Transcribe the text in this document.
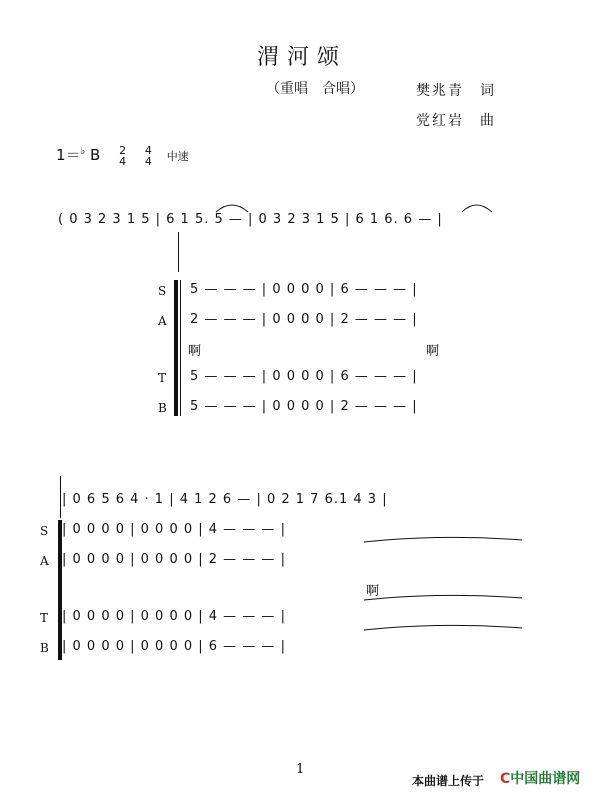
渭河颂
（重唱　合唱）	樊兆青　词
党红岩　曲
1＝♭ B 2
4

4
4 中速
( 0 3 2 3 1 5 | 6 1 5. 5 — | 0 3 2 3 1 5 | 6 1 6. 6 — |
S 5 — — — | 0 0 0 0 | 6 — — — |
A 2 — — — | 0 0 0 0 | 2 — — — |
啊	啊
T 5 — — — | 0 0 0 0 | 6 — — — |
B 5 — — — | 0 0 0 0 | 2 — — — |
| 0 6 5 6 4 · 1 | 4 1 2 6 — | 0 2 1 7 6.1 4 3 |
S | 0 0 0 0 | 0 0 0 0 | 4 — — — |
A | 0 0 0 0 | 0 0 0 0 | 2 — — — |
啊
T | 0 0 0 0 | 0 0 0 0 | 4 — — — |
B | 0 0 0 0 | 0 0 0 0 | 6 — — — |
1
本曲谱上传于 C中国曲谱网
